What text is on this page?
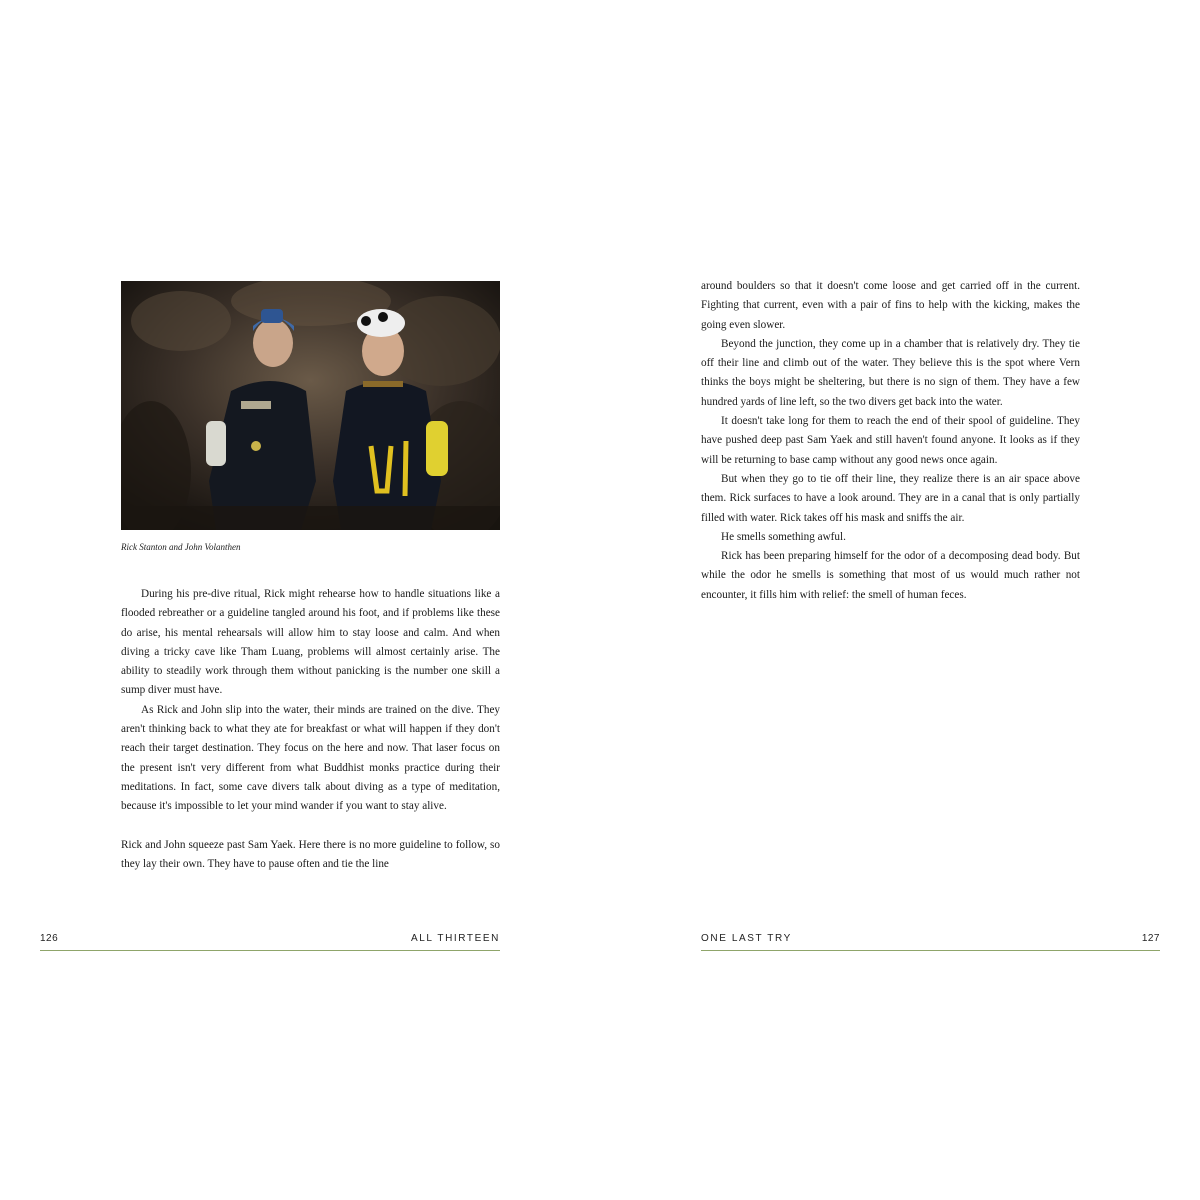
Rick Stanton and John Volanthen

During his pre-dive ritual, Rick might rehearse how to handle situations like a flooded rebreather or a guideline tangled around his foot, and if problems like these do arise, his mental rehearsals will allow him to stay loose and calm. And when diving a tricky cave like Tham Luang, problems will almost certainly arise. The ability to steadily work through them without panicking is the number one skill a sump diver must have.

As Rick and John slip into the water, their minds are trained on the dive. They aren't thinking back to what they ate for breakfast or what will happen if they don't reach their target destination. They focus on the here and now. That laser focus on the present isn't very different from what Buddhist monks practice during their meditations. In fact, some cave divers talk about diving as a type of meditation, because it's impossible to let your mind wander if you want to stay alive.

Rick and John squeeze past Sam Yaek. Here there is no more guideline to follow, so they lay their own. They have to pause often and tie the line

126	ALL THIRTEEN

around boulders so that it doesn't come loose and get carried off in the current. Fighting that current, even with a pair of fins to help with the kicking, makes the going even slower.

Beyond the junction, they come up in a chamber that is relatively dry. They tie off their line and climb out of the water. They believe this is the spot where Vern thinks the boys might be sheltering, but there is no sign of them. They have a few hundred yards of line left, so the two divers get back into the water.

It doesn't take long for them to reach the end of their spool of guideline. They have pushed deep past Sam Yaek and still haven't found anyone. It looks as if they will be returning to base camp without any good news once again.

But when they go to tie off their line, they realize there is an air space above them. Rick surfaces to have a look around. They are in a canal that is only partially filled with water. Rick takes off his mask and sniffs the air.

He smells something awful.

Rick has been preparing himself for the odor of a decomposing dead body. But while the odor he smells is something that most of us would much rather not encounter, it fills him with relief: the smell of human feces.

ONE LAST TRY	127
